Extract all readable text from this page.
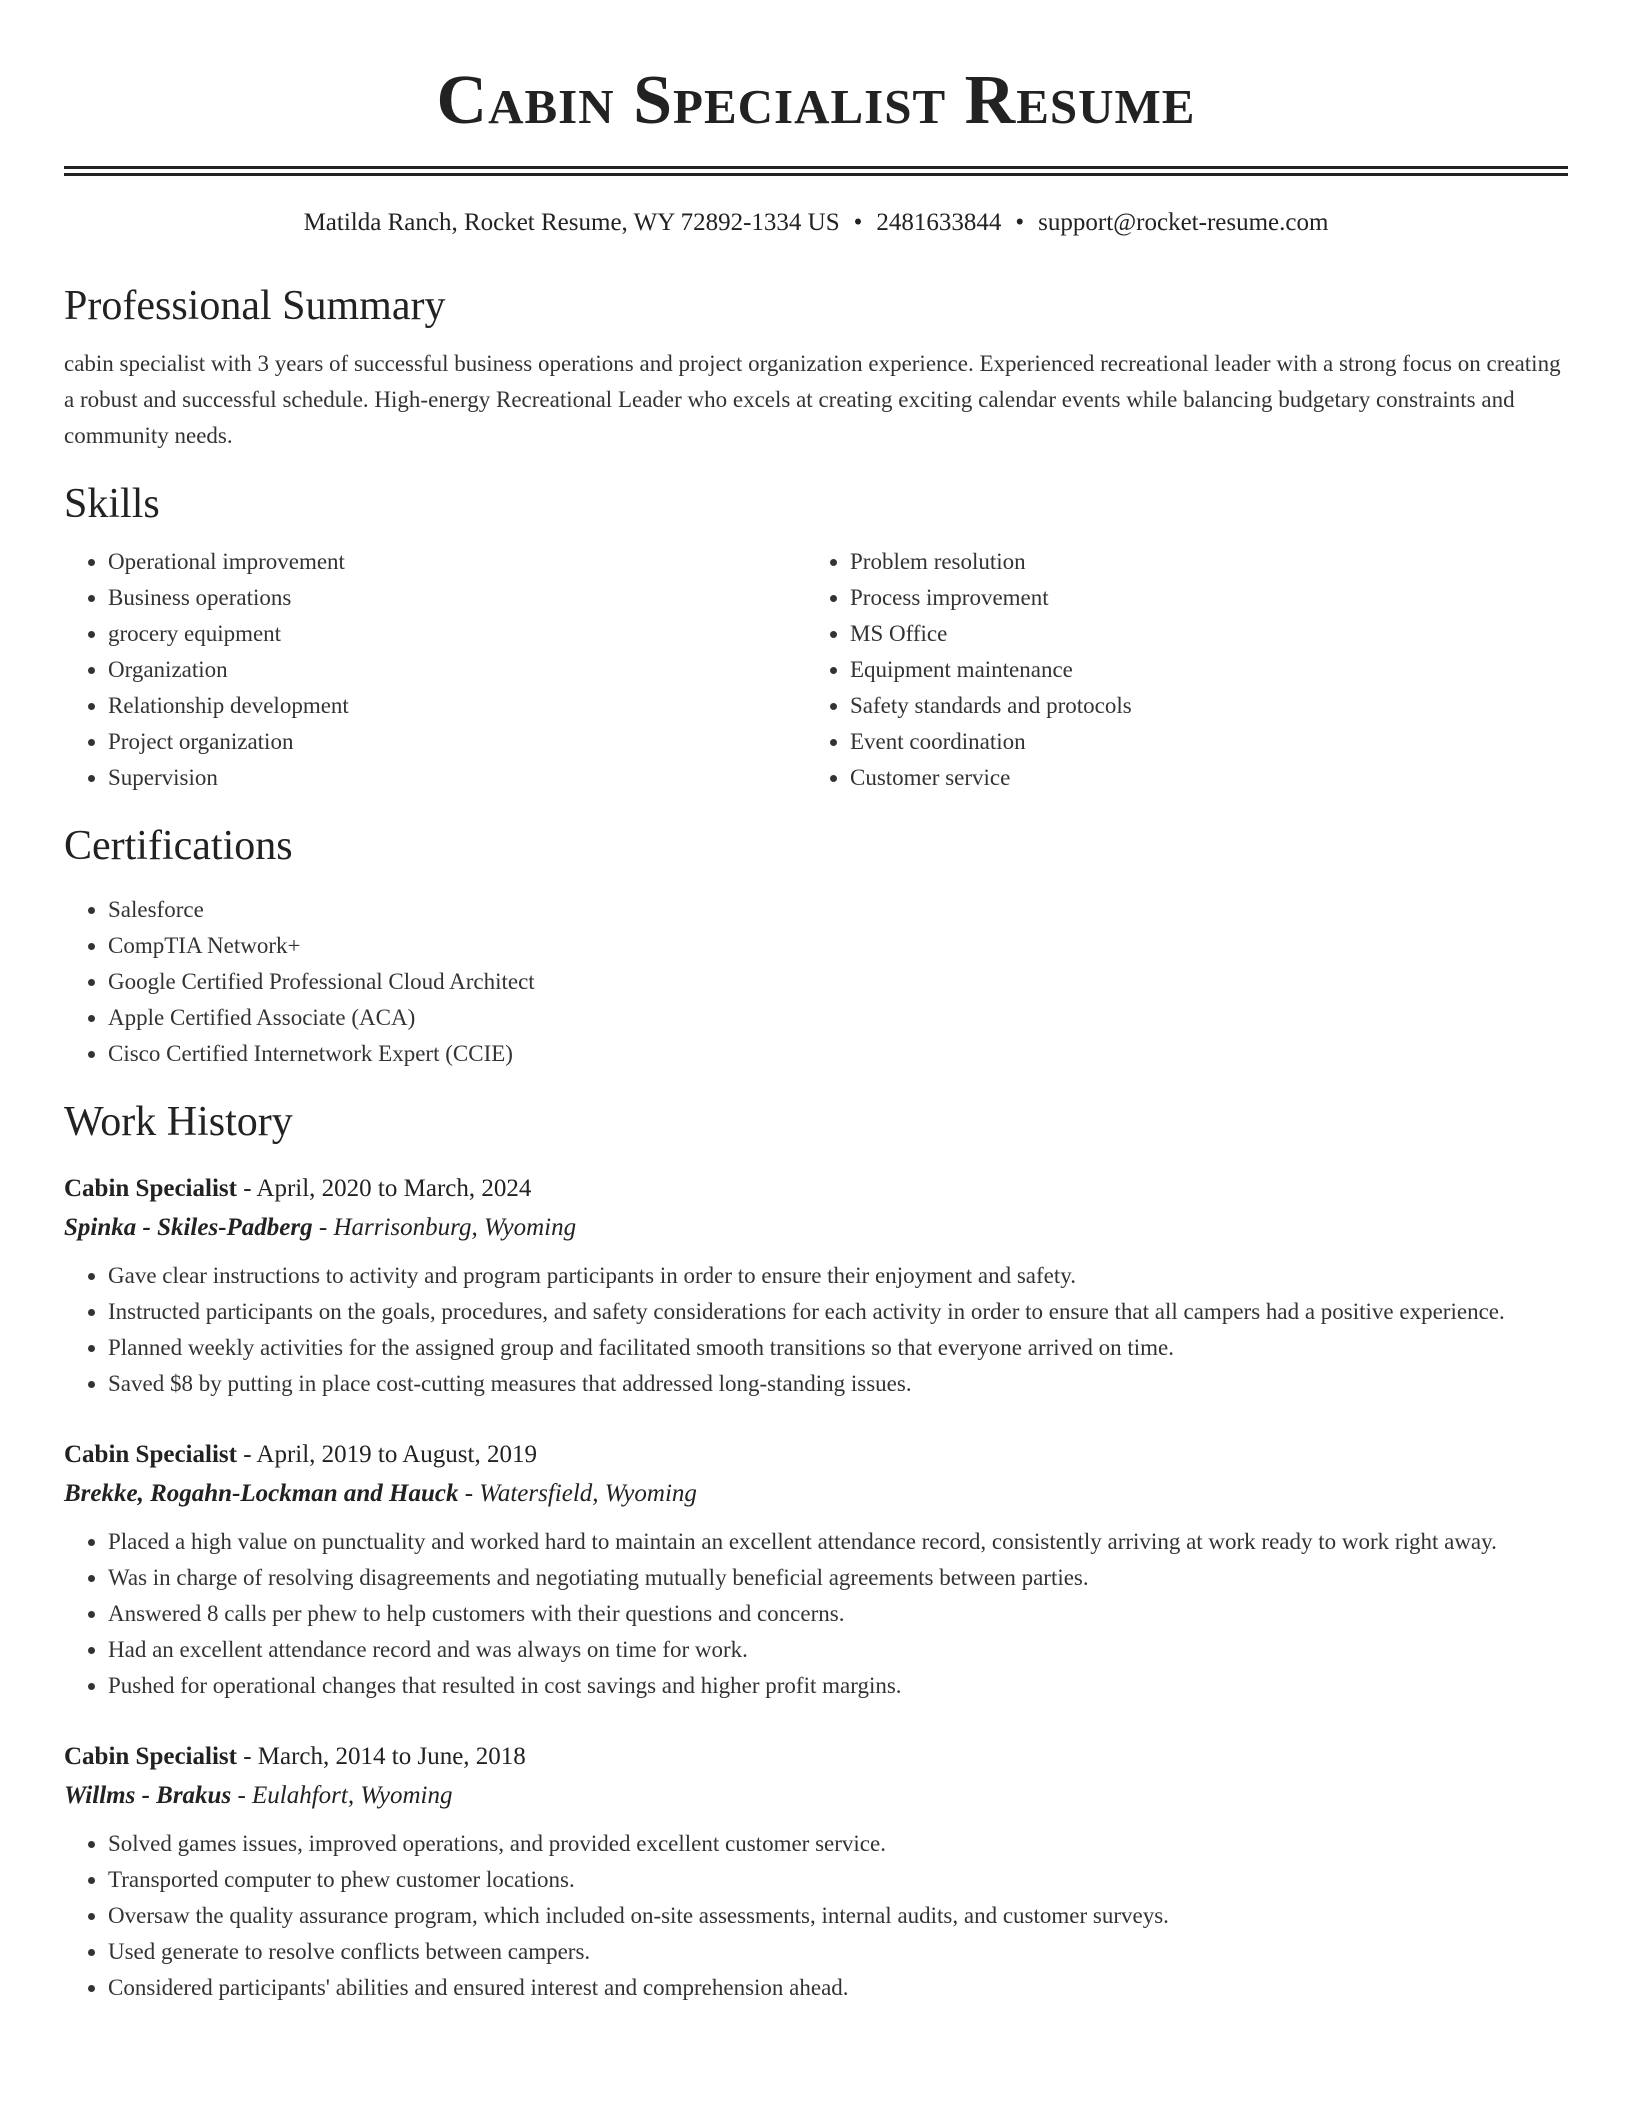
Cabin Specialist Resume
Matilda Ranch, Rocket Resume, WY 72892-1334 US • 2481633844 • support@rocket-resume.com
Professional Summary
cabin specialist with 3 years of successful business operations and project organization experience. Experienced recreational leader with a strong focus on creating a robust and successful schedule. High-energy Recreational Leader who excels at creating exciting calendar events while balancing budgetary constraints and community needs.
Skills
• Operational improvement
• Business operations
• grocery equipment
• Organization
• Relationship development
• Project organization
• Supervision
• Problem resolution
• Process improvement
• MS Office
• Equipment maintenance
• Safety standards and protocols
• Event coordination
• Customer service
Certifications
• Salesforce
• CompTIA Network+
• Google Certified Professional Cloud Architect
• Apple Certified Associate (ACA)
• Cisco Certified Internetwork Expert (CCIE)
Work History
Cabin Specialist - April, 2020 to March, 2024
Spinka - Skiles-Padberg - Harrisonburg, Wyoming
• Gave clear instructions to activity and program participants in order to ensure their enjoyment and safety.
• Instructed participants on the goals, procedures, and safety considerations for each activity in order to ensure that all campers had a positive experience.
• Planned weekly activities for the assigned group and facilitated smooth transitions so that everyone arrived on time.
• Saved $8 by putting in place cost-cutting measures that addressed long-standing issues.
Cabin Specialist - April, 2019 to August, 2019
Brekke, Rogahn-Lockman and Hauck - Watersfield, Wyoming
• Placed a high value on punctuality and worked hard to maintain an excellent attendance record, consistently arriving at work ready to work right away.
• Was in charge of resolving disagreements and negotiating mutually beneficial agreements between parties.
• Answered 8 calls per phew to help customers with their questions and concerns.
• Had an excellent attendance record and was always on time for work.
• Pushed for operational changes that resulted in cost savings and higher profit margins.
Cabin Specialist - March, 2014 to June, 2018
Willms - Brakus - Eulahfort, Wyoming
• Solved games issues, improved operations, and provided excellent customer service.
• Transported computer to phew customer locations.
• Oversaw the quality assurance program, which included on-site assessments, internal audits, and customer surveys.
• Used generate to resolve conflicts between campers.
• Considered participants' abilities and ensured interest and comprehension ahead.
